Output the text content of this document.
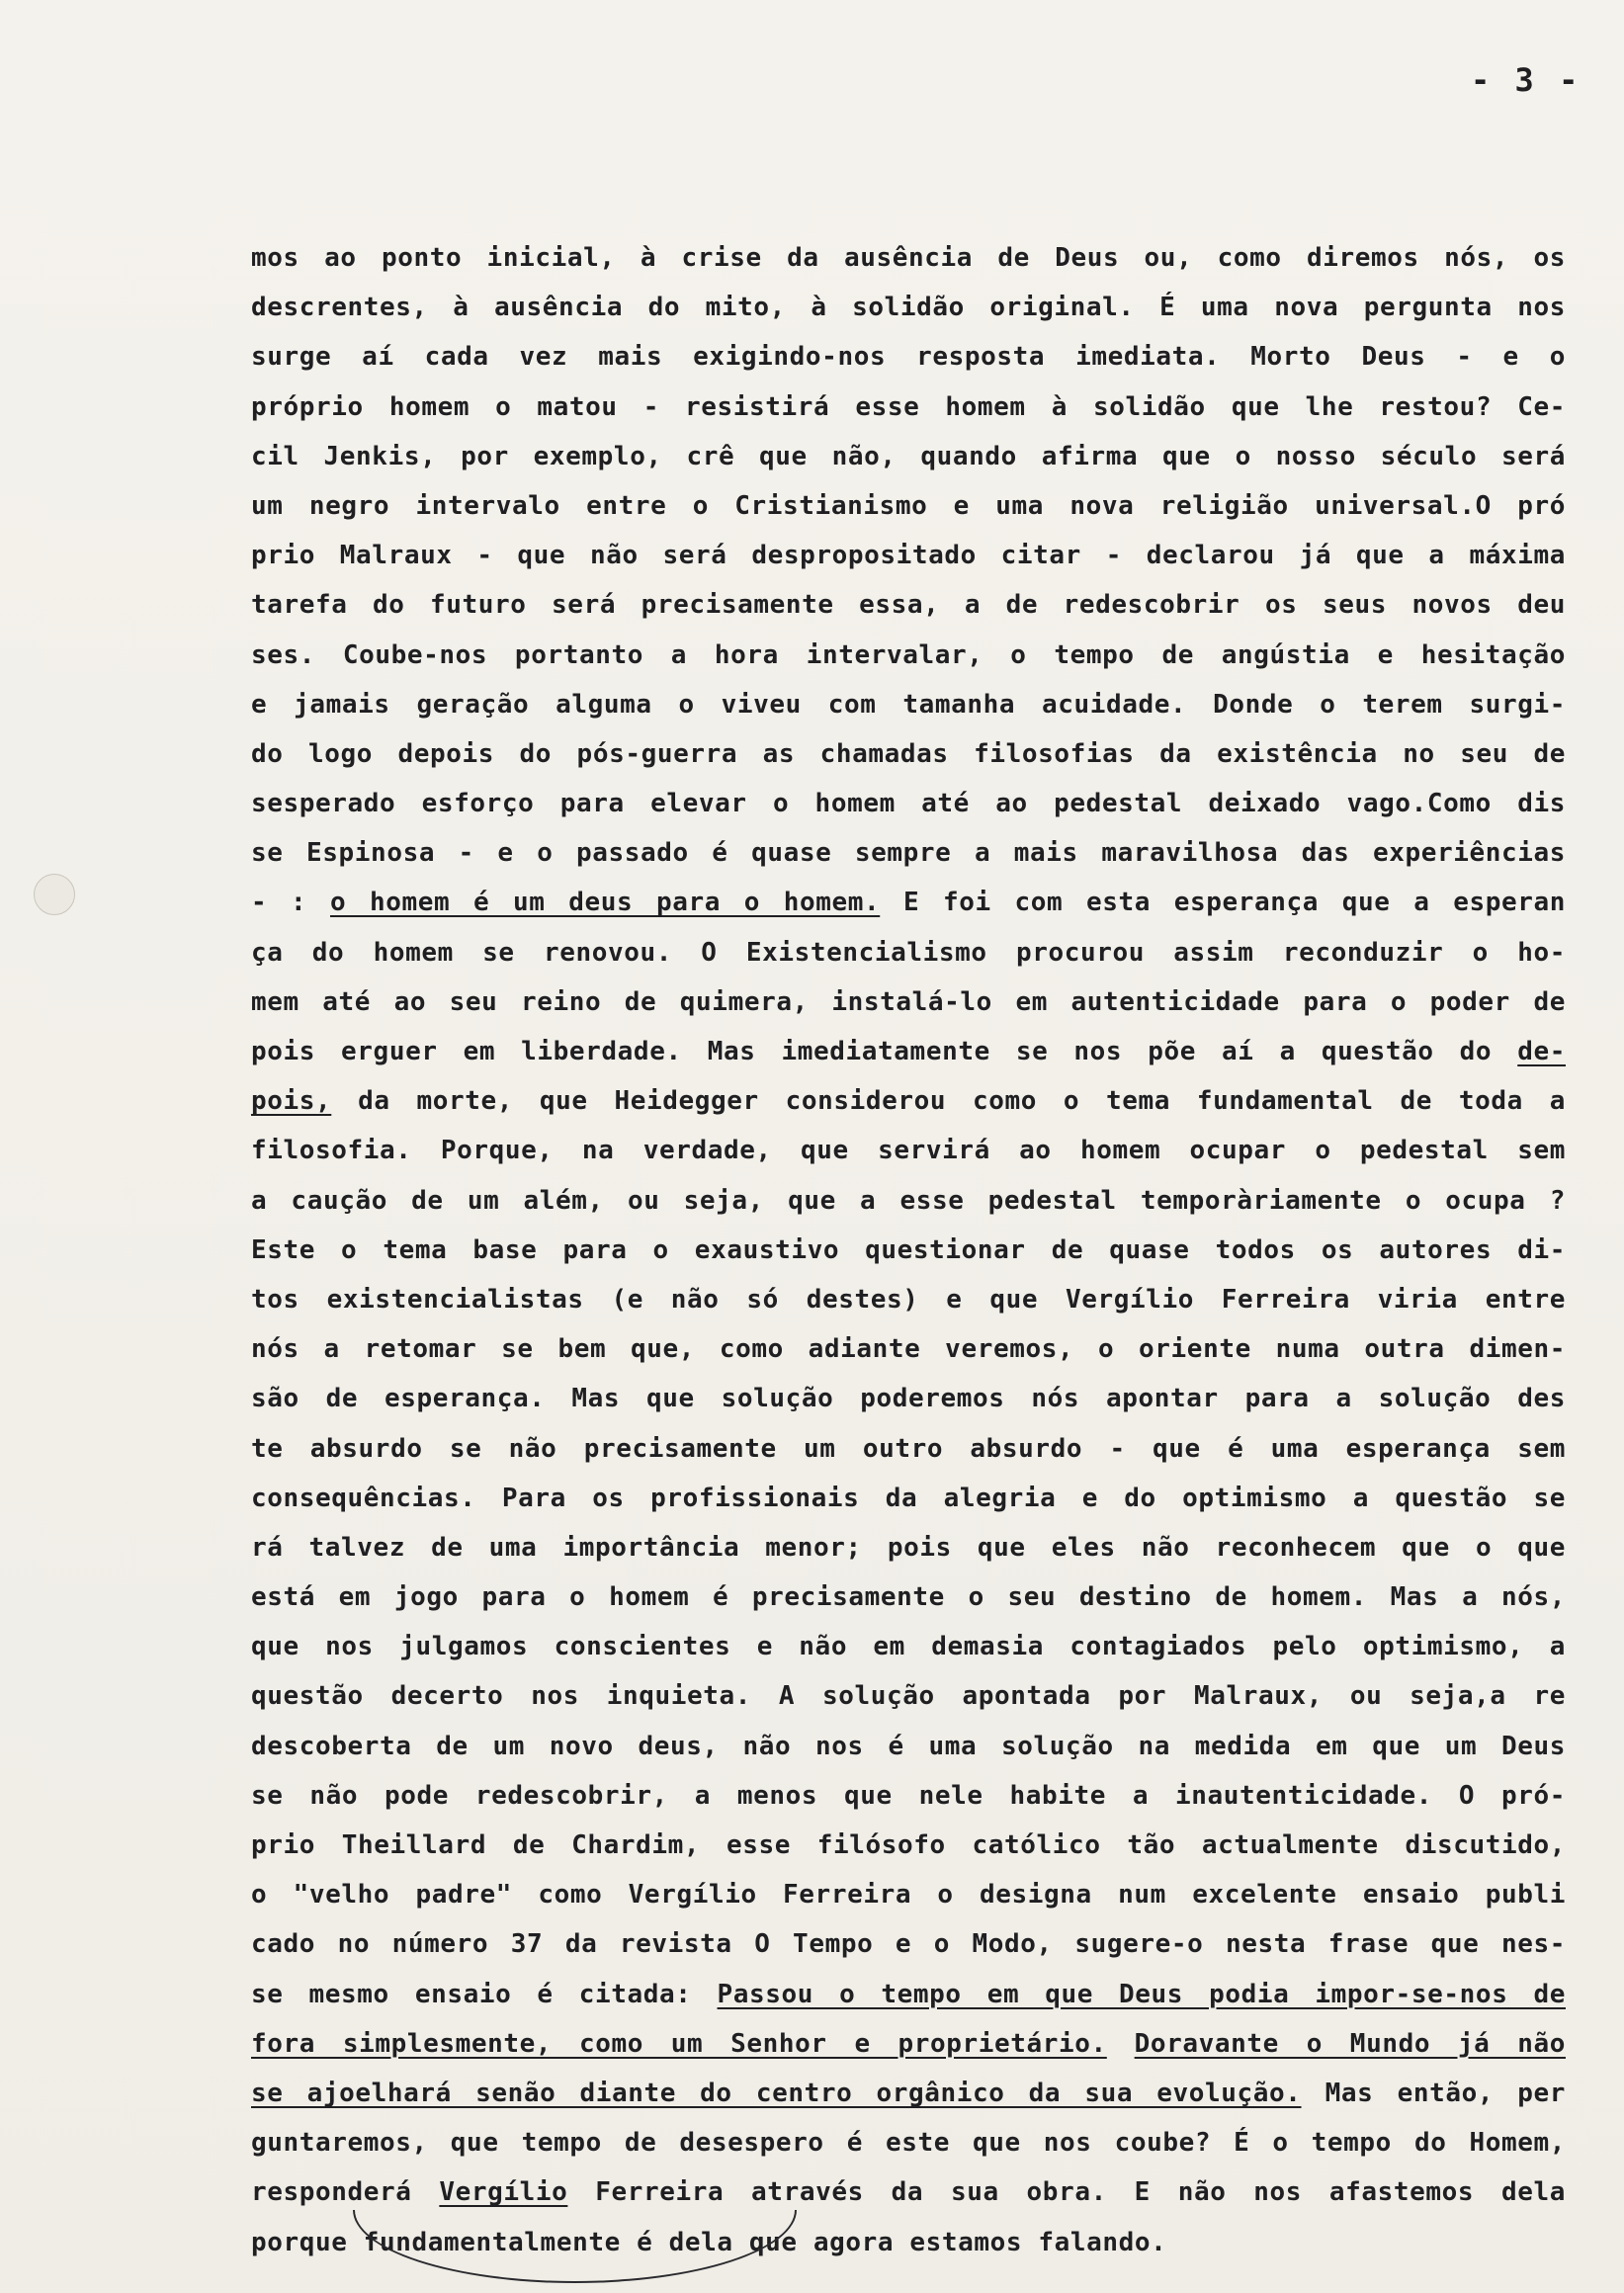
- 3 -
mos ao ponto inicial, à crise da ausência de Deus ou, como diremos nós, os
descrentes, à ausência do mito, à solidão original. É uma nova pergunta nos
surge aí cada vez mais exigindo-nos resposta imediata. Morto Deus - e o
próprio homem o matou - resistirá esse homem à solidão que lhe restou? Ce-
cil Jenkis, por exemplo, crê que não, quando afirma que o nosso século será
um negro intervalo entre o Cristianismo e uma nova religião universal.O pró
prio Malraux - que não será despropositado citar - declarou já que a máxima
tarefa do futuro será precisamente essa, a de redescobrir os seus novos deu
ses. Coube-nos portanto a hora intervalar, o tempo de angústia e hesitação
e jamais geração alguma o viveu com tamanha acuidade. Donde o terem surgi-
do logo depois do pós-guerra as chamadas filosofias da existência no seu de
sesperado esforço para elevar o homem até ao pedestal deixado vago.Como dis
se Espinosa - e o passado é quase sempre a mais maravilhosa das experiências
- : o homem é um deus para o homem. E foi com esta esperança que a esperan
ça do homem se renovou. O Existencialismo procurou assim reconduzir o ho-
mem até ao seu reino de quimera, instalá-lo em autenticidade para o poder de
pois erguer em liberdade. Mas imediatamente se nos põe aí a questão do de-
pois, da morte, que Heidegger considerou como o tema fundamental de toda a
filosofia. Porque, na verdade, que servirá ao homem ocupar o pedestal sem
a caução de um além, ou seja, que a esse pedestal temporàriamente o ocupa ?
Este o tema base para o exaustivo questionar de quase todos os autores di-
tos existencialistas (e não só destes) e que Vergílio Ferreira viria entre
nós a retomar se bem que, como adiante veremos, o oriente numa outra dimen-
são de esperança. Mas que solução poderemos nós apontar para a solução des
te absurdo se não precisamente um outro absurdo - que é uma esperança sem
consequências. Para os profissionais da alegria e do optimismo a questão se
rá talvez de uma importância menor; pois que eles não reconhecem que o que
está em jogo para o homem é precisamente o seu destino de homem. Mas a nós,
que nos julgamos conscientes e não em demasia contagiados pelo optimismo, a
questão decerto nos inquieta. A solução apontada por Malraux, ou seja,a re
descoberta de um novo deus, não nos é uma solução na medida em que um Deus
se não pode redescobrir, a menos que nele habite a inautenticidade. O pró-
prio Theillard de Chardim, esse filósofo católico tão actualmente discutido,
o "velho padre" como Vergílio Ferreira o designa num excelente ensaio publi
cado no número 37 da revista O Tempo e o Modo, sugere-o nesta frase que nes-
se mesmo ensaio é citada: Passou o tempo em que Deus podia impor-se-nos de
fora simplesmente, como um Senhor e proprietário. Doravante o Mundo já não
se ajoelhará senão diante do centro orgânico da sua evolução. Mas então, per
guntaremos, que tempo de desespero é este que nos coube? É o tempo do Homem,
responderá Vergílio Ferreira através da sua obra. E não nos afastemos dela
porque fundamentalmente é dela que agora estamos falando.
